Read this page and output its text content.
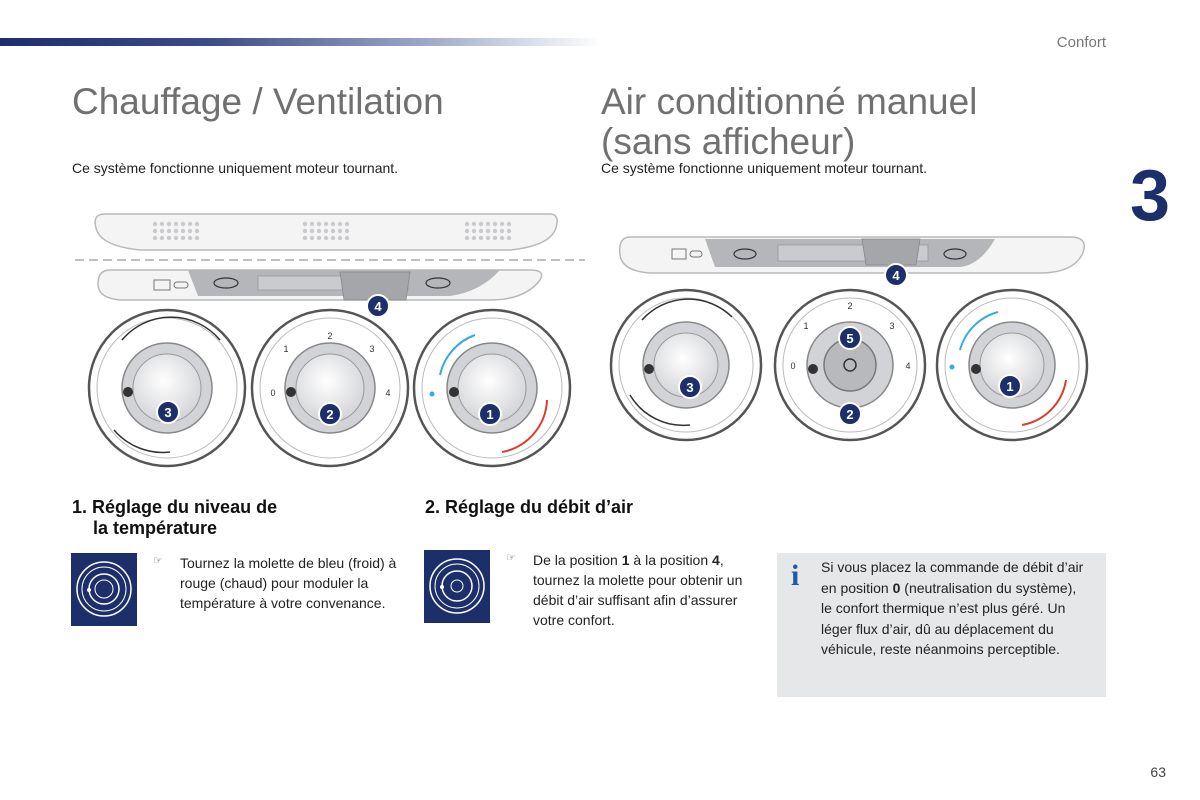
Confort
3
Chauffage / Ventilation	Air conditionné manuel (sans afficheur)
Ce système fonctionne uniquement moteur tournant.	Ce système fonctionne uniquement moteur tournant.
4
3
0
1
2
3
4
2	1
4
3
0
1
2
3
4
5
2
1
1. Réglage du niveau de
la température
☞ Tournez la molette de bleu (froid) à rouge (chaud) pour moduler la température à votre convenance.
2. Réglage du débit d’air
☞ De la position 1 à la position 4, tournez la molette pour obtenir un débit d’air suffisant afin d’assurer votre confort.
i Si vous placez la commande de débit d’air en position 0 (neutralisation du système), le confort thermique n’est plus géré. Un léger flux d’air, dû au déplacement du véhicule, reste néanmoins perceptible.
63
